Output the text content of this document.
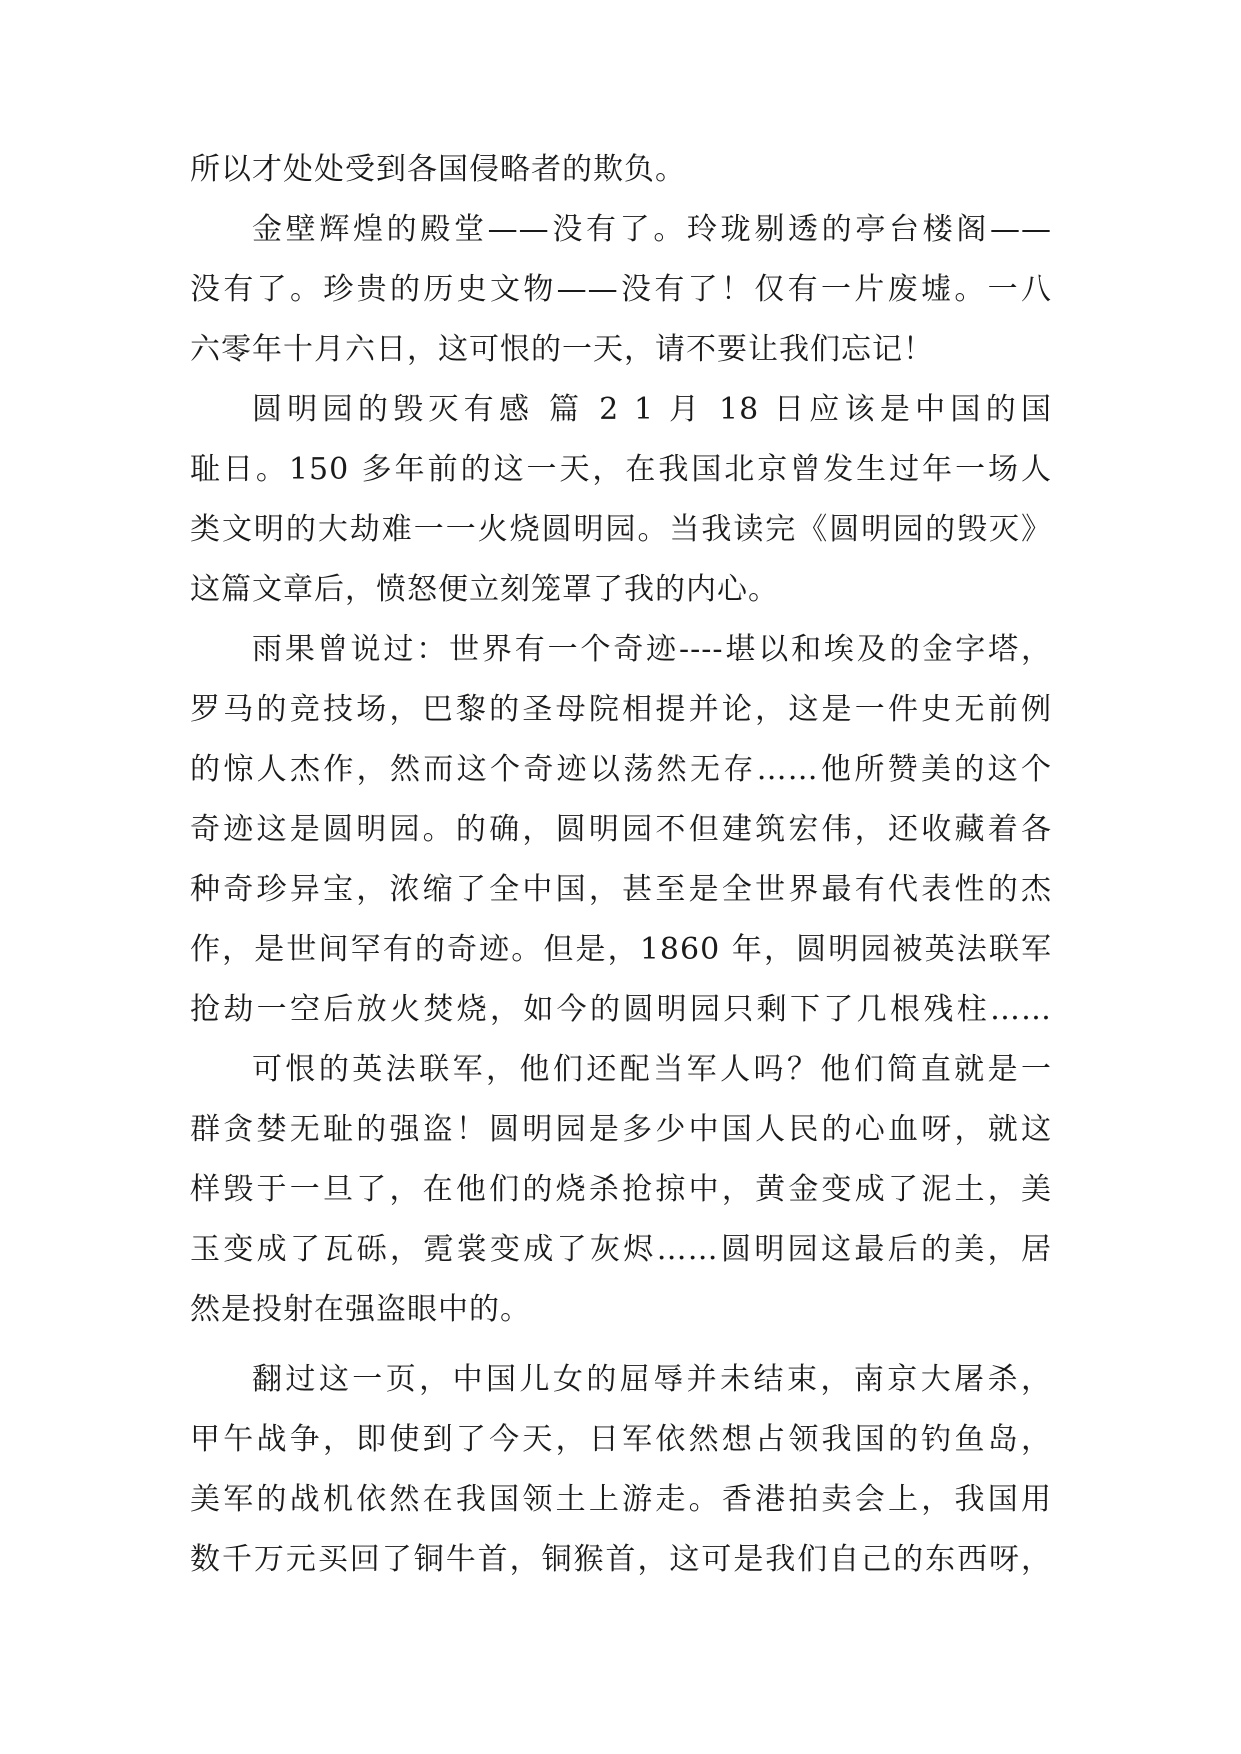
所以才处处受到各国侵略者的欺负。
金壁辉煌的殿堂——没有了。玲珑剔透的亭台楼阁——
没有了。珍贵的历史文物——没有了！仅有一片废墟。一八
六零年十月六日，这可恨的一天，请不要让我们忘记！
圆明园的毁灭有感 篇 2 1 月 18 日应该是中国的国
耻日。150 多年前的这一天，在我国北京曾发生过年一场人
类文明的大劫难一一火烧圆明园。当我读完《圆明园的毁灭》
这篇文章后，愤怒便立刻笼罩了我的内心。
雨果曾说过：世界有一个奇迹----堪以和埃及的金字塔，
罗马的竞技场，巴黎的圣母院相提并论，这是一件史无前例
的惊人杰作，然而这个奇迹以荡然无存……他所赞美的这个
奇迹这是圆明园。的确，圆明园不但建筑宏伟，还收藏着各
种奇珍异宝，浓缩了全中国，甚至是全世界最有代表性的杰
作，是世间罕有的奇迹。但是，1860 年，圆明园被英法联军
抢劫一空后放火焚烧，如今的圆明园只剩下了几根残柱……
可恨的英法联军，他们还配当军人吗？他们简直就是一
群贪婪无耻的强盗！圆明园是多少中国人民的心血呀，就这
样毁于一旦了，在他们的烧杀抢掠中，黄金变成了泥土，美
玉变成了瓦砾，霓裳变成了灰烬……圆明园这最后的美，居
然是投射在强盗眼中的。
翻过这一页，中国儿女的屈辱并未结束，南京大屠杀，
甲午战争，即使到了今天，日军依然想占领我国的钓鱼岛，
美军的战机依然在我国领土上游走。香港拍卖会上，我国用
数千万元买回了铜牛首，铜猴首，这可是我们自己的东西呀，
